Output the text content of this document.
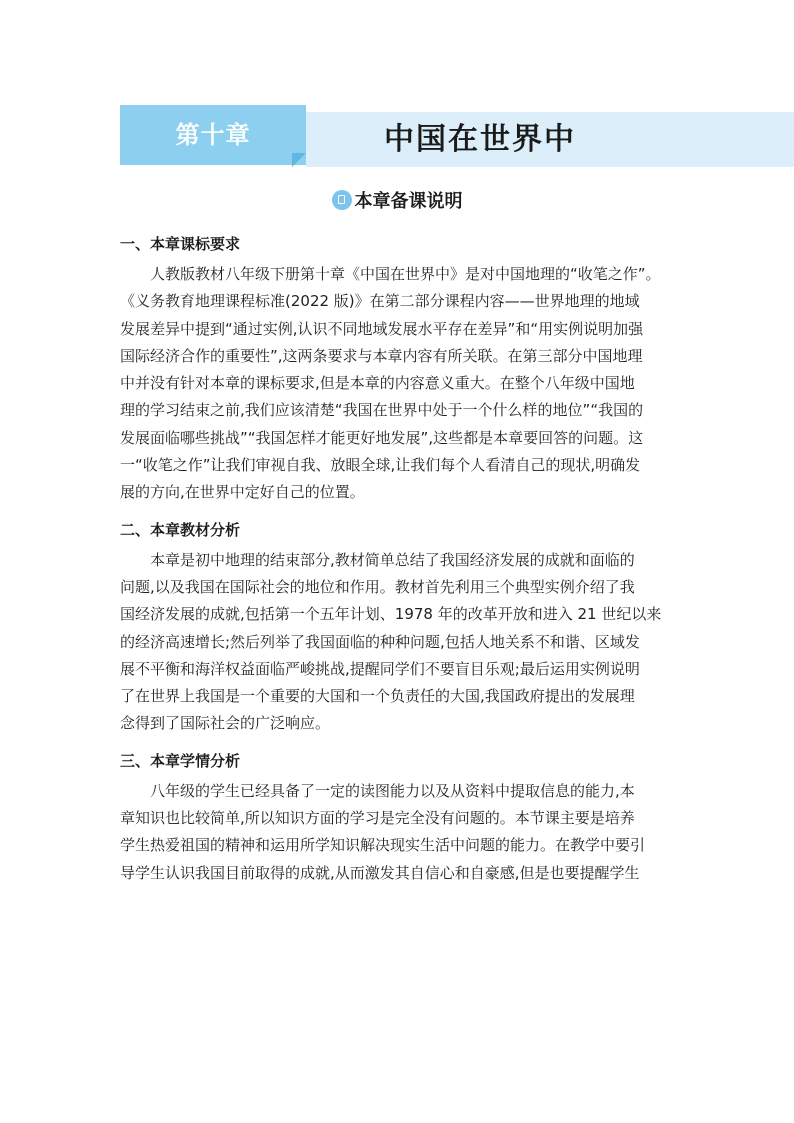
第十章	中国在世界中
本章备课说明
一、本章课标要求
人教版教材八年级下册第十章《中国在世界中》是对中国地理的“收笔之作”。
《义务教育地理课程标准(2022 版)》在第二部分课程内容——世界地理的地域
发展差异中提到“通过实例,认识不同地域发展水平存在差异”和“用实例说明加强
国际经济合作的重要性”,这两条要求与本章内容有所关联。在第三部分中国地理
中并没有针对本章的课标要求,但是本章的内容意义重大。在整个八年级中国地
理的学习结束之前,我们应该清楚“我国在世界中处于一个什么样的地位”“我国的
发展面临哪些挑战”“我国怎样才能更好地发展”,这些都是本章要回答的问题。这
一“收笔之作”让我们审视自我、放眼全球,让我们每个人看清自己的现状,明确发
展的方向,在世界中定好自己的位置。
二、本章教材分析
本章是初中地理的结束部分,教材简单总结了我国经济发展的成就和面临的
问题,以及我国在国际社会的地位和作用。教材首先利用三个典型实例介绍了我
国经济发展的成就,包括第一个五年计划、1978 年的改革开放和进入 21 世纪以来
的经济高速增长;然后列举了我国面临的种种问题,包括人地关系不和谐、区域发
展不平衡和海洋权益面临严峻挑战,提醒同学们不要盲目乐观;最后运用实例说明
了在世界上我国是一个重要的大国和一个负责任的大国,我国政府提出的发展理
念得到了国际社会的广泛响应。
三、本章学情分析
八年级的学生已经具备了一定的读图能力以及从资料中提取信息的能力,本
章知识也比较简单,所以知识方面的学习是完全没有问题的。本节课主要是培养
学生热爱祖国的精神和运用所学知识解决现实生活中问题的能力。在教学中要引
导学生认识我国目前取得的成就,从而激发其自信心和自豪感,但是也要提醒学生
